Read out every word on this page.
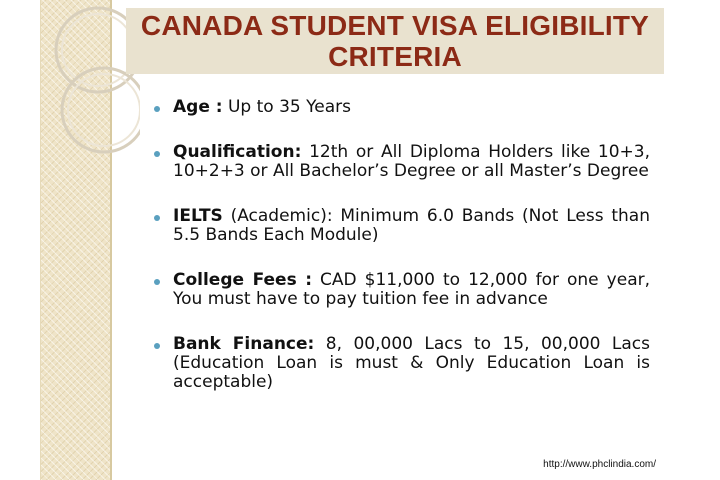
CANADA STUDENT VISA ELIGIBILITY
CRITERIA
Age : Up to 35 Years
Qualification: 12th or All Diploma Holders like 10+3, 10+2+3 or All Bachelor’s Degree or all Master’s Degree
IELTS (Academic): Minimum 6.0 Bands (Not Less than 5.5 Bands Each Module)
College Fees : CAD $11,000 to 12,000 for one year, You must have to pay tuition fee in advance
Bank Finance: 8, 00,000 Lacs to 15, 00,000 Lacs (Education Loan is must & Only Education Loan is acceptable)
http://www.phclindia.com/
